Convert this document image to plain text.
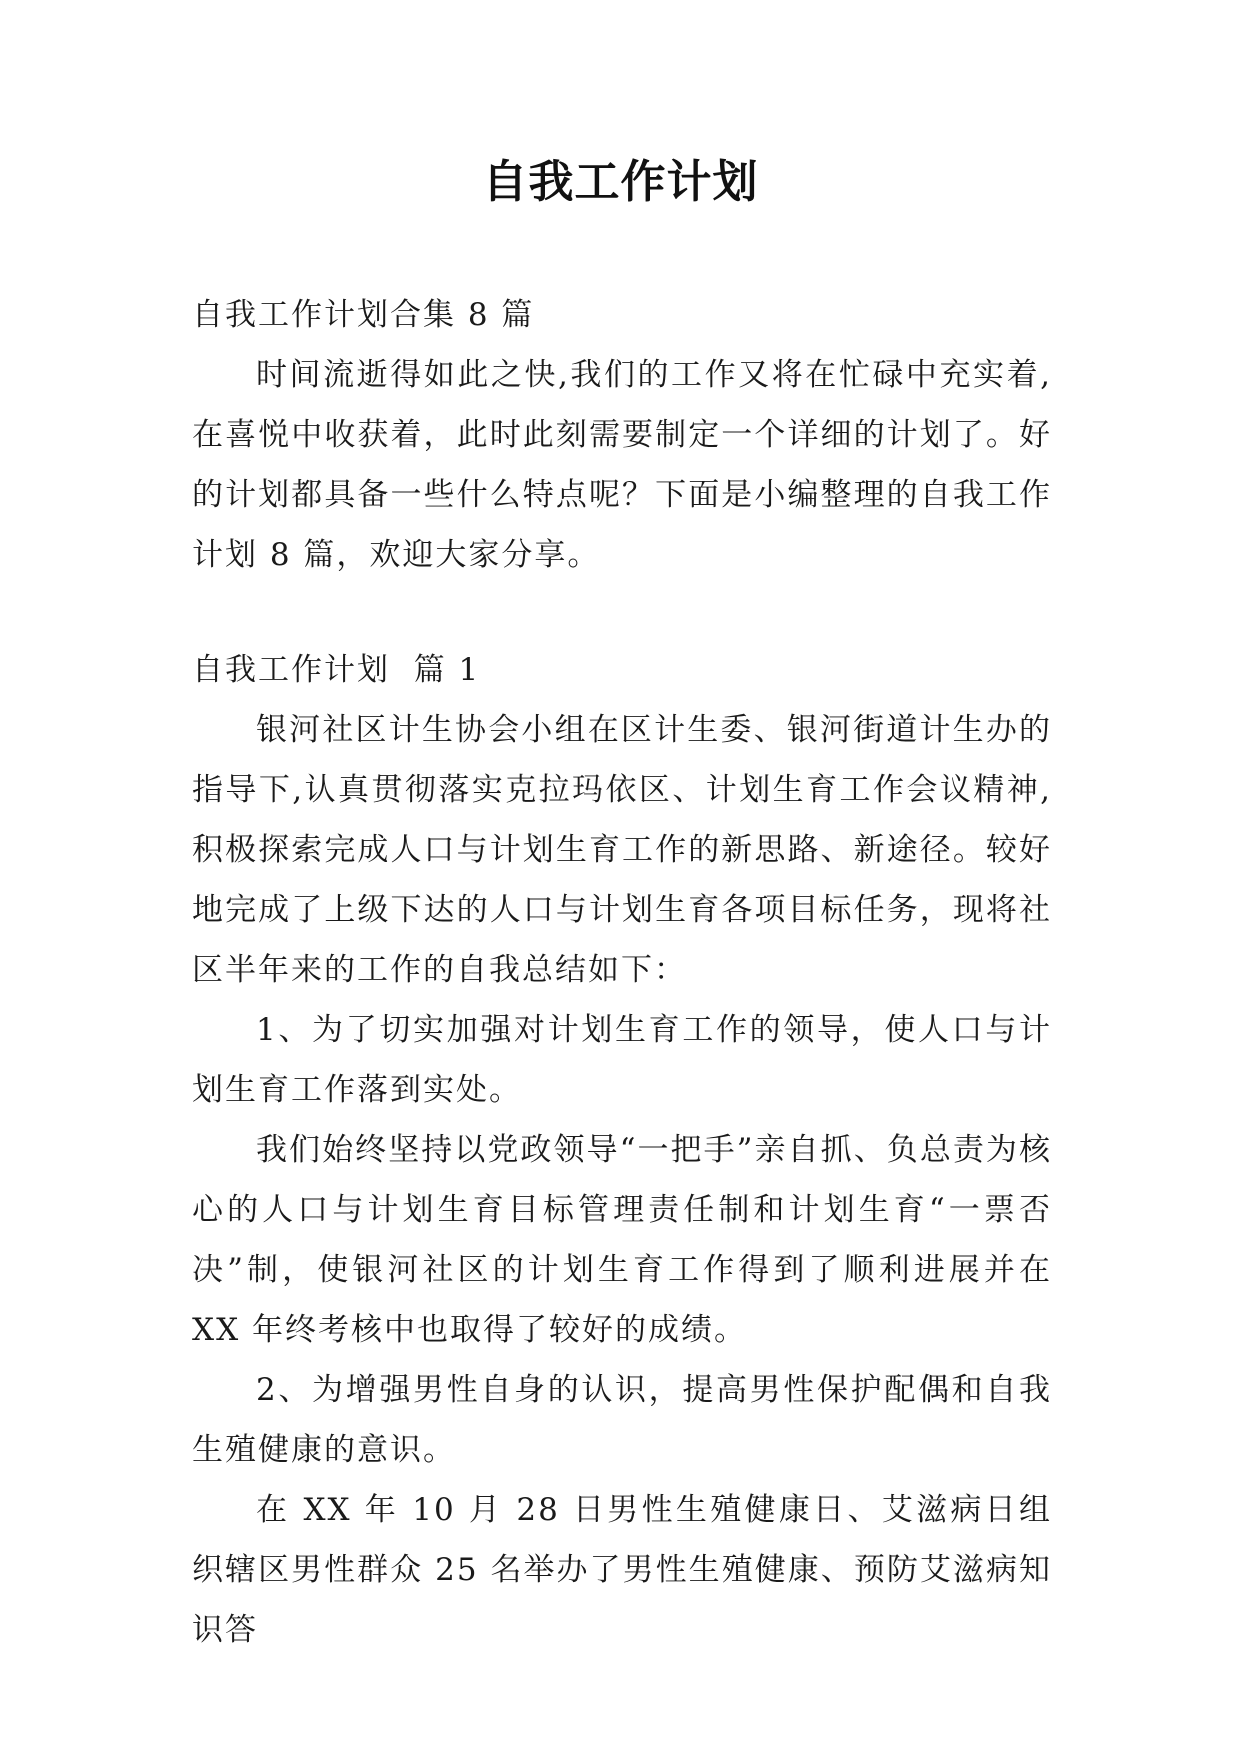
自我工作计划

自我工作计划合集 8 篇

时间流逝得如此之快,我们的工作又将在忙碌中充实着,在喜悦中收获着，此时此刻需要制定一个详细的计划了。好的计划都具备一些什么特点呢？下面是小编整理的自我工作计划 8 篇，欢迎大家分享。

自我工作计划  篇 1

银河社区计生协会小组在区计生委、银河街道计生办的指导下,认真贯彻落实克拉玛依区、计划生育工作会议精神,积极探索完成人口与计划生育工作的新思路、新途径。较好地完成了上级下达的人口与计划生育各项目标任务，现将社区半年来的工作的自我总结如下：

1、为了切实加强对计划生育工作的领导，使人口与计划生育工作落到实处。

我们始终坚持以党政领导“一把手”亲自抓、负总责为核心的人口与计划生育目标管理责任制和计划生育“一票否决”制，使银河社区的计划生育工作得到了顺利进展并在 XX 年终考核中也取得了较好的成绩。

2、为增强男性自身的认识，提高男性保护配偶和自我生殖健康的意识。

在 XX 年 10 月 28 日男性生殖健康日、艾滋病日组织辖区男性群众 25 名举办了男性生殖健康、预防艾滋病知识答
